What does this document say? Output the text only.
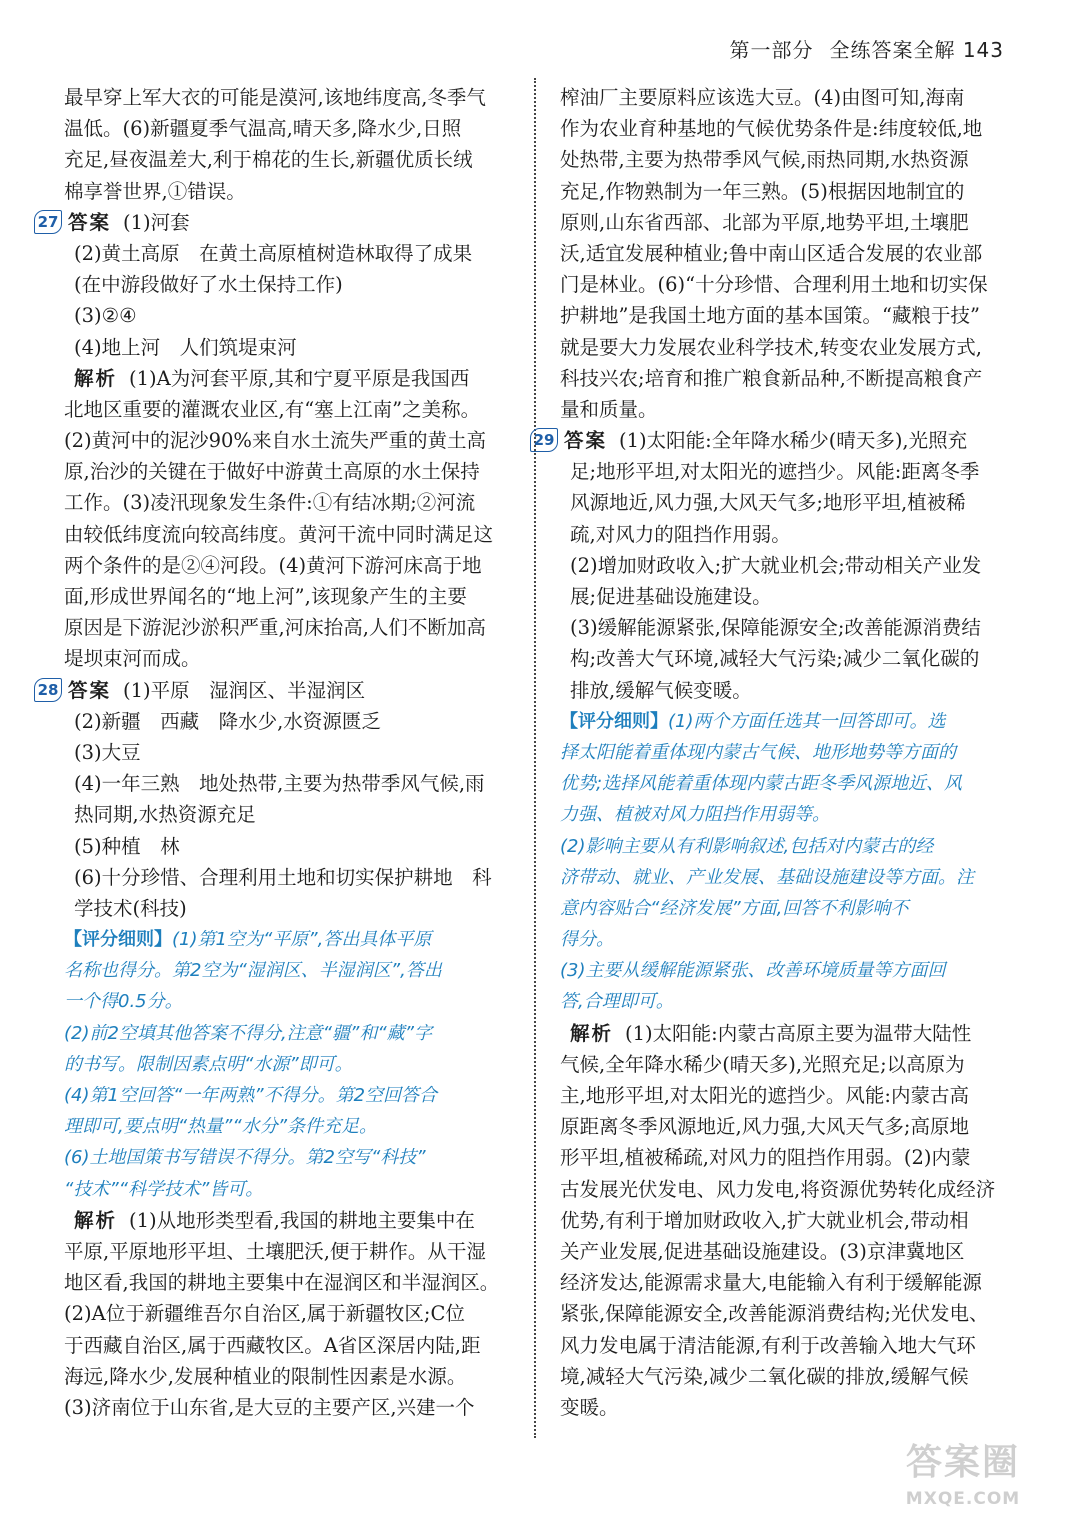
第一部分 全练答案全解 143
最早穿上军大衣的可能是漠河,该地纬度高,冬季气
温低。(6)新疆夏季气温高,晴天多,降水少,日照
充足,昼夜温差大,利于棉花的生长,新疆优质长绒
棉享誉世界,①错误。
27 答案 (1)河套
(2)黄土高原　在黄土高原植树造林取得了成果
(在中游段做好了水土保持工作)
(3)②④
(4)地上河　人们筑堤束河
解析 (1)A为河套平原,其和宁夏平原是我国西
北地区重要的灌溉农业区,有“塞上江南”之美称。
(2)黄河中的泥沙90%来自水土流失严重的黄土高
原,治沙的关键在于做好中游黄土高原的水土保持
工作。(3)凌汛现象发生条件:①有结冰期;②河流
由较低纬度流向较高纬度。黄河干流中同时满足这
两个条件的是②④河段。(4)黄河下游河床高于地
面,形成世界闻名的“地上河”,该现象产生的主要
原因是下游泥沙淤积严重,河床抬高,人们不断加高
堤坝束河而成。
28 答案 (1)平原　湿润区、半湿润区
(2)新疆　西藏　降水少,水资源匮乏
(3)大豆
(4)一年三熟　地处热带,主要为热带季风气候,雨
热同期,水热资源充足
(5)种植　林
(6)十分珍惜、合理利用土地和切实保护耕地　科
学技术(科技)
【评分细则】(1)第1空为“平原”,答出具体平原
名称也得分。第2空为“湿润区、半湿润区”,答出
一个得0.5分。
(2)前2空填其他答案不得分,注意“疆”和“藏”字
的书写。限制因素点明“水源”即可。
(4)第1空回答“一年两熟”不得分。第2空回答合
理即可,要点明“热量”“水分”条件充足。
(6)土地国策书写错误不得分。第2空写“科技”
“技术”“科学技术”皆可。
解析 (1)从地形类型看,我国的耕地主要集中在
平原,平原地形平坦、土壤肥沃,便于耕作。从干湿
地区看,我国的耕地主要集中在湿润区和半湿润区。
(2)A位于新疆维吾尔自治区,属于新疆牧区;C位
于西藏自治区,属于西藏牧区。A省区深居内陆,距
海远,降水少,发展种植业的限制性因素是水源。
(3)济南位于山东省,是大豆的主要产区,兴建一个
榨油厂主要原料应该选大豆。(4)由图可知,海南
作为农业育种基地的气候优势条件是:纬度较低,地
处热带,主要为热带季风气候,雨热同期,水热资源
充足,作物熟制为一年三熟。(5)根据因地制宜的
原则,山东省西部、北部为平原,地势平坦,土壤肥
沃,适宜发展种植业;鲁中南山区适合发展的农业部
门是林业。(6)“十分珍惜、合理利用土地和切实保
护耕地”是我国土地方面的基本国策。“藏粮于技”
就是要大力发展农业科学技术,转变农业发展方式,
科技兴农;培育和推广粮食新品种,不断提高粮食产
量和质量。
29 答案 (1)太阳能:全年降水稀少(晴天多),光照充
足;地形平坦,对太阳光的遮挡少。风能:距离冬季
风源地近,风力强,大风天气多;地形平坦,植被稀
疏,对风力的阻挡作用弱。
(2)增加财政收入;扩大就业机会;带动相关产业发
展;促进基础设施建设。
(3)缓解能源紧张,保障能源安全;改善能源消费结
构;改善大气环境,减轻大气污染;减少二氧化碳的
排放,缓解气候变暖。
【评分细则】(1)两个方面任选其一回答即可。选
择太阳能着重体现内蒙古气候、地形地势等方面的
优势;选择风能着重体现内蒙古距冬季风源地近、风
力强、植被对风力阻挡作用弱等。
(2)影响主要从有利影响叙述,包括对内蒙古的经
济带动、就业、产业发展、基础设施建设等方面。注
意内容贴合“经济发展”方面,回答不利影响不
得分。
(3)主要从缓解能源紧张、改善环境质量等方面回
答,合理即可。
解析 (1)太阳能:内蒙古高原主要为温带大陆性
气候,全年降水稀少(晴天多),光照充足;以高原为
主,地形平坦,对太阳光的遮挡少。风能:内蒙古高
原距离冬季风源地近,风力强,大风天气多;高原地
形平坦,植被稀疏,对风力的阻挡作用弱。(2)内蒙
古发展光伏发电、风力发电,将资源优势转化成经济
优势,有利于增加财政收入,扩大就业机会,带动相
关产业发展,促进基础设施建设。(3)京津冀地区
经济发达,能源需求量大,电能输入有利于缓解能源
紧张,保障能源安全,改善能源消费结构;光伏发电、
风力发电属于清洁能源,有利于改善输入地大气环
境,减轻大气污染,减少二氧化碳的排放,缓解气候
变暖。
答案圈
MXQE.COM
